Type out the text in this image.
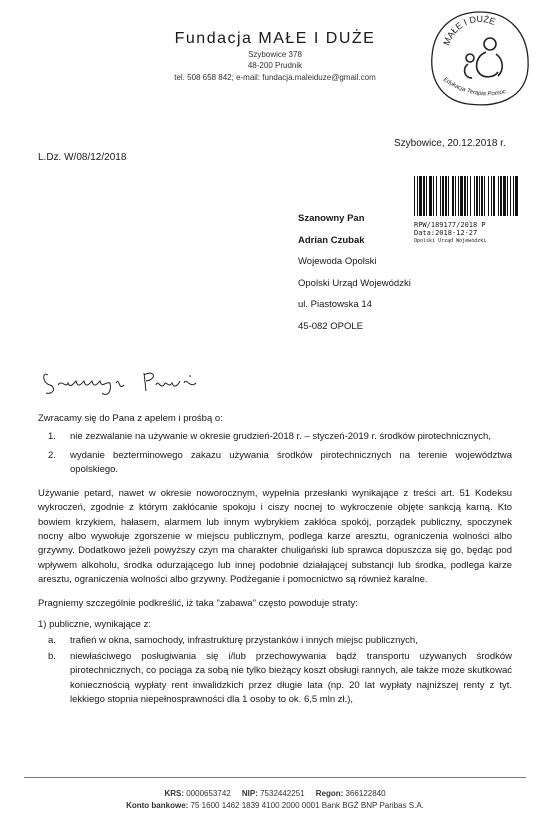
Fundacja MAŁE I DUŻE
Szybowice 378
48-200 Prudnik
tel. 508 658 842; e-mail: fundacja.maleiduze@gmail.com
MAŁE I DUŻE
Edukacja Terapia Pomoc
Szybowice, 20.12.2018 r.
L.Dz. W/08/12/2018
RPW/189177/2018 P
Data:2018-12-27
Opolski Urząd Wojewódzki
Szanowny Pan
Adrian Czubak
Wojewoda Opolski
Opolski Urząd Wojewódzki
ul. Piastowska 14
45-082 OPOLE

Zwracamy się do Pana z apelem i prośbą o:

1.	nie zezwalanie na używanie w okresie grudzień-2018 r. – styczeń-2019 r. środków pirotechnicznych,
2.	wydanie bezterminowego zakazu używania środków pirotechnicznych na terenie województwa opolskiego.

Używanie petard, nawet w okresie noworocznym, wypełnia przesłanki wynikające z treści art. 51 Kodeksu wykroczeń, zgodnie z którym zakłócanie spokoju i ciszy nocnej to wykroczenie objęte sankcją karną. Kto bowiem krzykiem, hałasem, alarmem lub innym wybrykiem zakłóca spokój, porządek publiczny, spoczynek nocny albo wywołuje zgorszenie w miejscu publicznym, podlega karze aresztu, ograniczenia wolności albo grzywny. Dodatkowo jeżeli powyższy czyn ma charakter chuligański lub sprawca dopuszcza się go, będąc pod wpływem alkoholu, środka odurzającego lub innej podobnie działającej substancji lub środka, podlega karze aresztu, ograniczenia wolności albo grzywny. Podżeganie i pomocnictwo są również karalne.

Pragniemy szczególnie podkreślić, iż taka "zabawa" często powoduje straty:

1) publiczne, wynikające z:

a.	trafień w okna, samochody, infrastrukturę przystanków i innych miejsc publicznych,
b.	niewłaściwego posługiwania się i/lub przechowywania bądź transportu używanych środków pirotechnicznych, co pociąga za sobą nie tylko bieżący koszt obsługi rannych, ale także może skutkować koniecznością wypłaty rent inwalidzkich przez długie lata (np. 20 lat wypłaty najniższej renty z tyt. lekkiego stopnia niepełnosprawności dla 1 osoby to ok. 6,5 mln zł.),
KRS: 0000653742 NIP: 7532442251 Regon: 366122840
Konto bankowe: 75 1600 1462 1839 4100 2000 0001 Bank BGŻ BNP Paribas S.A.
